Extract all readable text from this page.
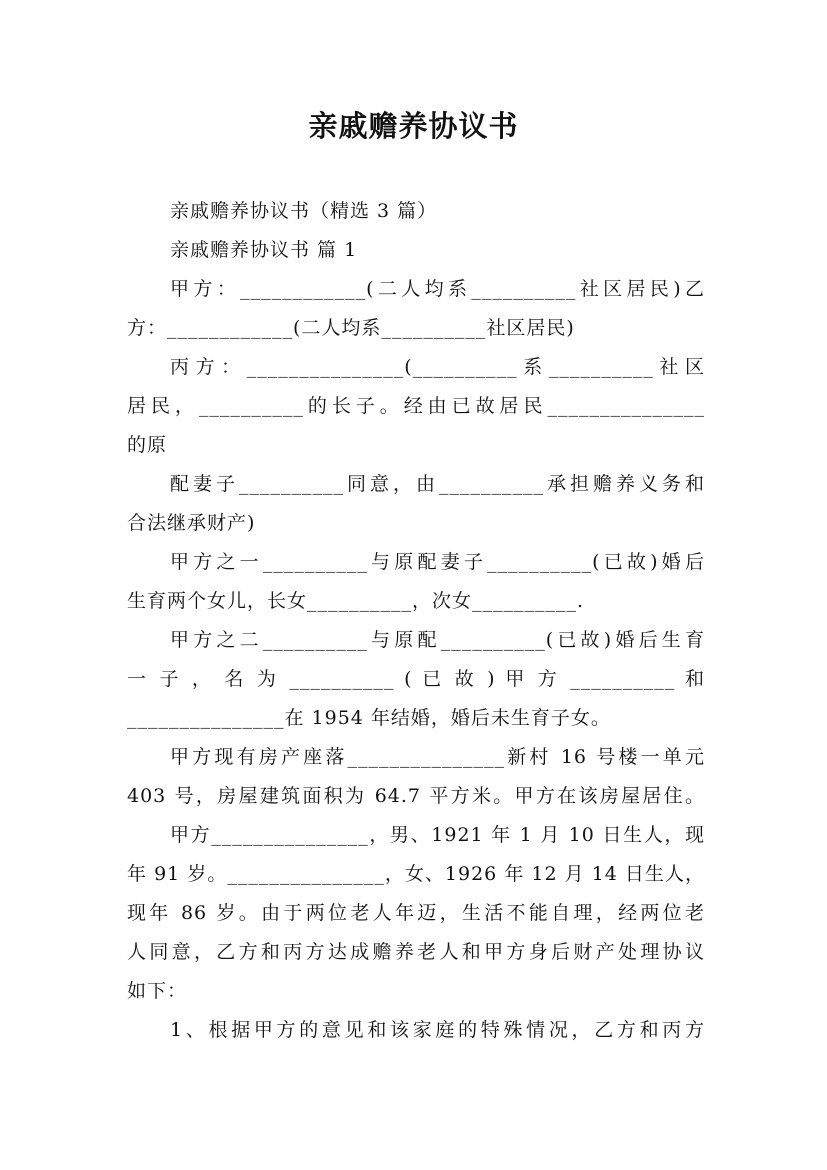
亲戚赡养协议书
亲戚赡养协议书（精选 3 篇）
亲戚赡养协议书 篇 1
甲方：____________(二人均系__________社区居民)乙
方：____________(二人均系__________社区居民)
丙方：_______________(__________系__________社区
居民，__________的长子。经由已故居民_______________
的原
配妻子__________同意，由__________承担赡养义务和
合法继承财产)
甲方之一__________与原配妻子__________(已故)婚后
生育两个女儿，长女__________，次女__________.
甲方之二__________与原配__________(已故)婚后生育
一 子 ， 名 为 __________ ( 已 故 ) 甲 方 __________ 和
_______________在 1954 年结婚，婚后未生育子女。
甲方现有房产座落_______________新村 16 号楼一单元
403 号，房屋建筑面积为 64.7 平方米。甲方在该房屋居住。
甲方_______________，男、1921 年 1 月 10 日生人，现
年 91 岁。_______________，女、1926 年 12 月 14 日生人，
现年 86 岁。由于两位老人年迈，生活不能自理，经两位老
人同意，乙方和丙方达成赡养老人和甲方身后财产处理协议
如下：
1、根据甲方的意见和该家庭的特殊情况，乙方和丙方
